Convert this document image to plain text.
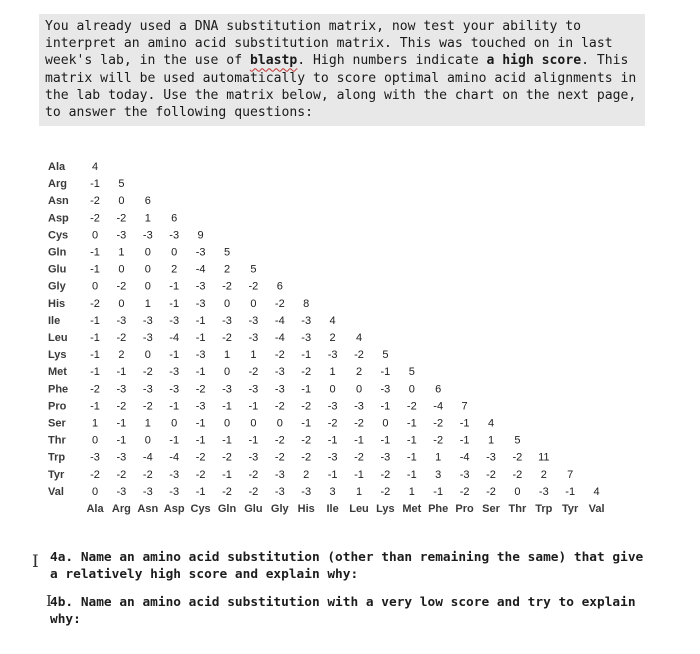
You already used a DNA substitution matrix, now test your ability to interpret an amino acid substitution matrix. This was touched on in last week's lab, in the use of blastp. High numbers indicate a high score. This matrix will be used automatically to score optimal amino acid alignments in the lab today. Use the matrix below, along with the chart on the next page, to answer the following questions:
Ala 4
Arg -1 5
Asn -2 0 6
Asp -2 -2 1 6
Cys 0 -3 -3 -3 9
Gln -1 1 0 0 -3 5
Glu -1 0 0 2 -4 2 5
Gly 0 -2 0 -1 -3 -2 -2 6
His -2 0 1 -1 -3 0 0 -2 8
Ile	-1 -3 -3 -3 -1 -3 -3 -4 -3 4
Leu -1 -2 -3 -4 -1 -2 -3 -4 -3 2 4
Lys -1 2 0 -1 -3 1 1 -2 -1 -3 -2 5
Met -1 -1 -2 -3 -1 0 -2 -3 -2 1 2 -1 5
Phe -2 -3 -3 -3 -2 -3 -3 -3 -1 0 0 -3 0 6
Pro -1 -2 -2 -1 -3 -1 -1 -2 -2 -3 -3 -1 -2 -4 7
Ser 1 -1 1 0 -1 0 0 0 -1 -2 -2 0 -1 -2 -1 4
Thr 0 -1 0 -1 -1 -1 -1 -2 -2 -1 -1 -1 -1 -2 -1 1 5
Trp -3 -3 -4 -4 -2 -2 -3 -2 -2 -3 -2 -3 -1 1 -4 -3 -2 11
Tyr -2 -2 -2 -3 -2 -1 -2 -3 2 -1 -1 -2 -1 3 -3 -2 -2 2 7
Val	0 -3 -3 -3 -1 -2 -2 -3 -3 3 1 -2 1 -1 -2 -2 0 -3 -1 4
Ala Arg Asn Asp Cys Gln Glu Gly His Ile Leu Lys Met Phe Pro Ser Thr Trp Tyr Val
I 4a. Name an amino acid substitution (other than remaining the same) that give a relatively high score and explain why:
I
4b. Name an amino acid substitution with a very low score and try to explain why:
